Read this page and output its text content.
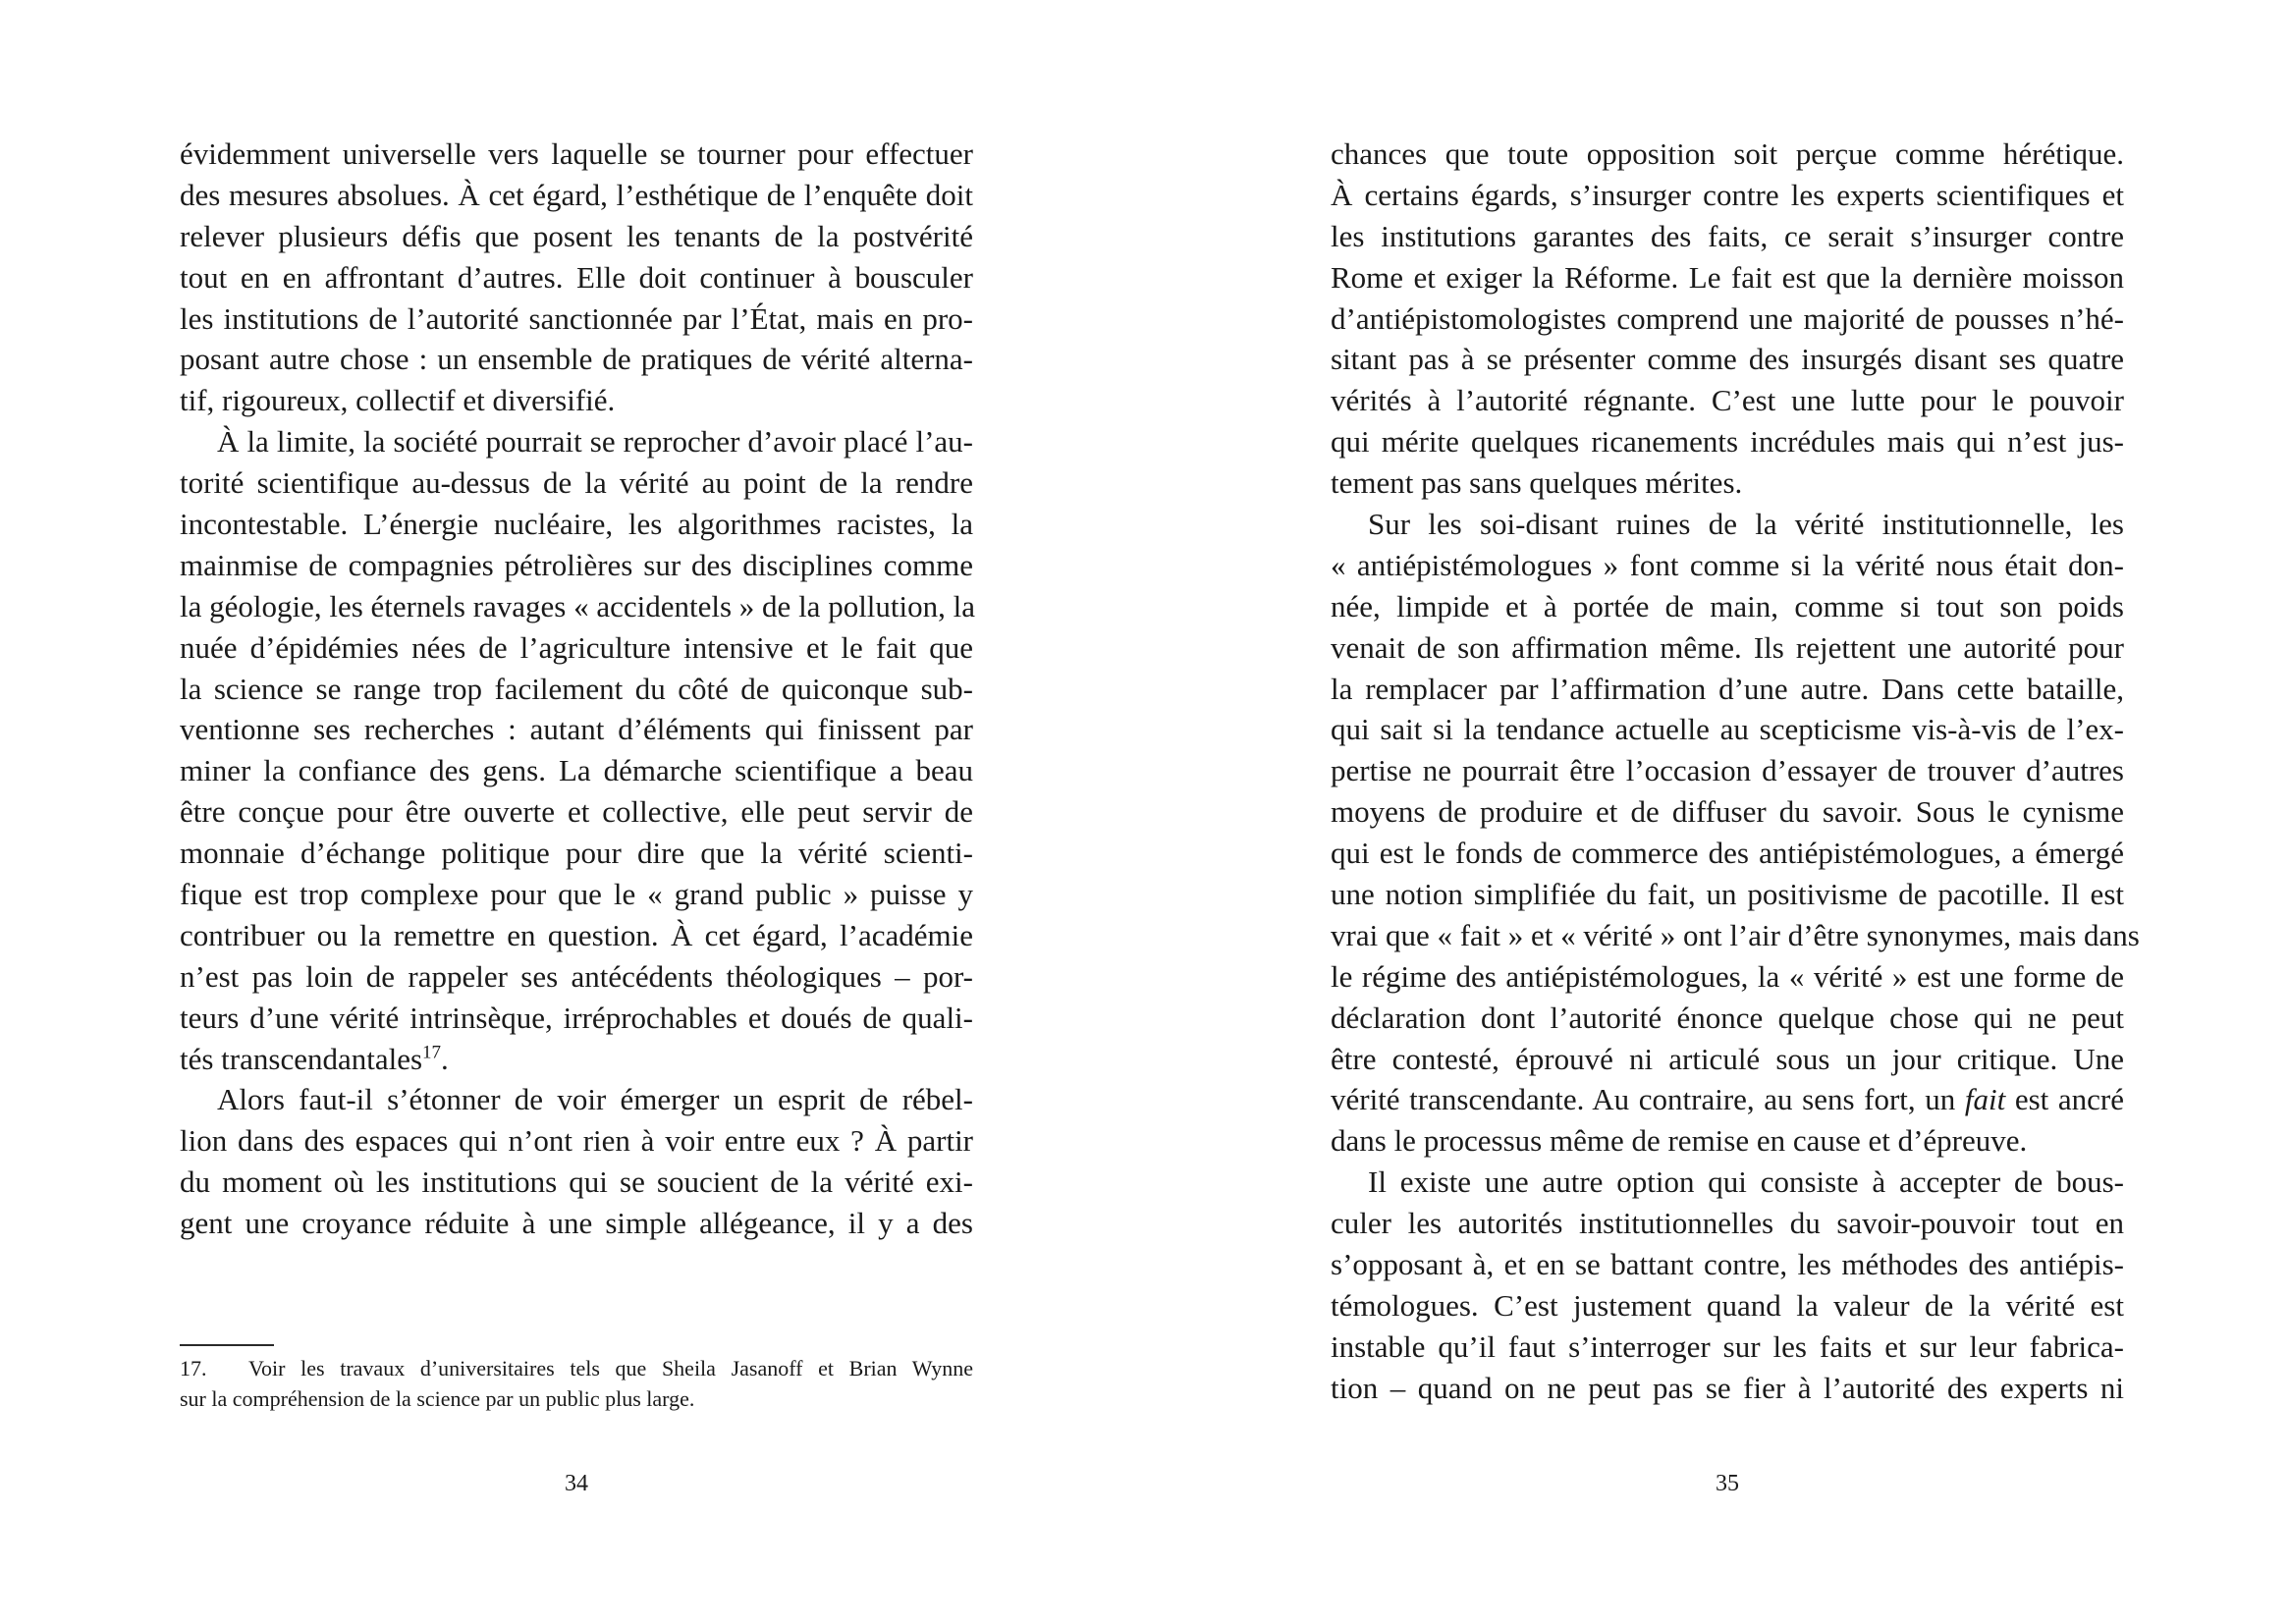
évidemment universelle vers laquelle se tourner pour effectuer
des mesures absolues. À cet égard, l’esthétique de l’enquête doit
relever plusieurs défis que posent les tenants de la postvérité
tout en en affrontant d’autres. Elle doit continuer à bousculer
les institutions de l’autorité sanctionnée par l’État, mais en pro-
posant autre chose : un ensemble de pratiques de vérité alterna-
tif, rigoureux, collectif et diversifié.
À la limite, la société pourrait se reprocher d’avoir placé l’au-
torité scientifique au-dessus de la vérité au point de la rendre
incontestable. L’énergie nucléaire, les algorithmes racistes, la
mainmise de compagnies pétrolières sur des disciplines comme
la géologie, les éternels ravages « accidentels » de la pollution, la
nuée d’épidémies nées de l’agriculture intensive et le fait que
la science se range trop facilement du côté de quiconque sub-
ventionne ses recherches : autant d’éléments qui finissent par
miner la confiance des gens. La démarche scientifique a beau
être conçue pour être ouverte et collective, elle peut servir de
monnaie d’échange politique pour dire que la vérité scienti-
fique est trop complexe pour que le « grand public » puisse y
contribuer ou la remettre en question. À cet égard, l’académie
n’est pas loin de rappeler ses antécédents théologiques – por-
teurs d’une vérité intrinsèque, irréprochables et doués de quali-
tés transcendantales$^{17}$.
Alors faut-il s’étonner de voir émerger un esprit de rébel-
lion dans des espaces qui n’ont rien à voir entre eux ? À partir
du moment où les institutions qui se soucient de la vérité exi-
gent une croyance réduite à une simple allégeance, il y a des
17. Voir les travaux d’universitaires tels que Sheila Jasanoff et Brian Wynne
sur la compréhension de la science par un public plus large.
34
chances que toute opposition soit perçue comme hérétique.
À certains égards, s’insurger contre les experts scientifiques et
les institutions garantes des faits, ce serait s’insurger contre
Rome et exiger la Réforme. Le fait est que la dernière moisson
d’antiépistomologistes comprend une majorité de pousses n’hé-
sitant pas à se présenter comme des insurgés disant ses quatre
vérités à l’autorité régnante. C’est une lutte pour le pouvoir
qui mérite quelques ricanements incrédules mais qui n’est jus-
tement pas sans quelques mérites.
Sur les soi-disant ruines de la vérité institutionnelle, les
« antiépistémologues » font comme si la vérité nous était don-
née, limpide et à portée de main, comme si tout son poids
venait de son affirmation même. Ils rejettent une autorité pour
la remplacer par l’affirmation d’une autre. Dans cette bataille,
qui sait si la tendance actuelle au scepticisme vis-à-vis de l’ex-
pertise ne pourrait être l’occasion d’essayer de trouver d’autres
moyens de produire et de diffuser du savoir. Sous le cynisme
qui est le fonds de commerce des antiépistémologues, a émergé
une notion simplifiée du fait, un positivisme de pacotille. Il est
vrai que « fait » et « vérité » ont l’air d’être synonymes, mais dans
le régime des antiépistémologues, la « vérité » est une forme de
déclaration dont l’autorité énonce quelque chose qui ne peut
être contesté, éprouvé ni articulé sous un jour critique. Une
vérité transcendante. Au contraire, au sens fort, un fait est ancré
dans le processus même de remise en cause et d’épreuve.
Il existe une autre option qui consiste à accepter de bous-
culer les autorités institutionnelles du savoir-pouvoir tout en
s’opposant à, et en se battant contre, les méthodes des antiépis-
témologues. C’est justement quand la valeur de la vérité est
instable qu’il faut s’interroger sur les faits et sur leur fabrica-
tion – quand on ne peut pas se fier à l’autorité des experts ni
35
